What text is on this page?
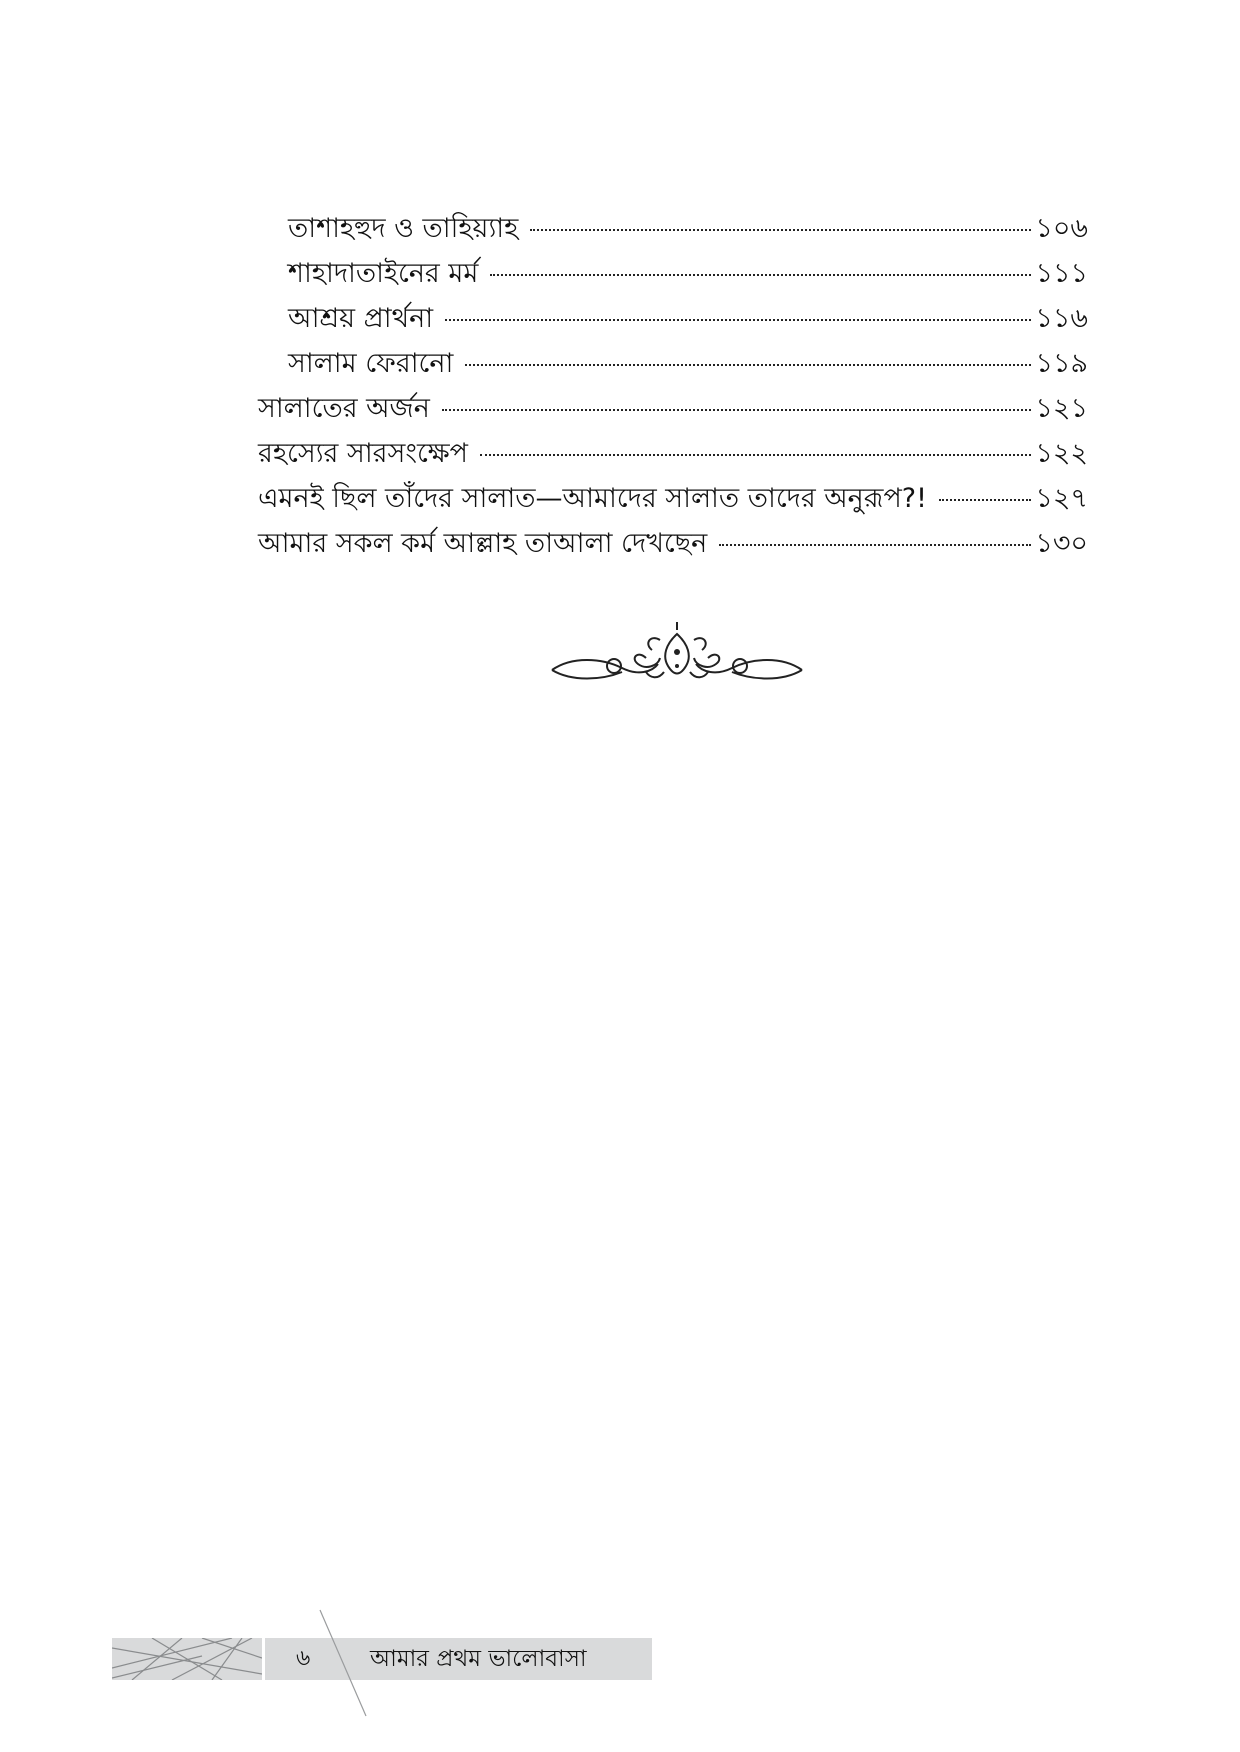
তাশাহহুদ ও তাহিয়্যাহ	১০৬
শাহাদাতাইনের মর্ম	১১১
আশ্রয় প্রার্থনা	১১৬
সালাম ফেরানো	১১৯
সালাতের অর্জন	১২১
রহস্যের সারসংক্ষেপ	১২২
এমনই ছিল তাঁদের সালাত—আমাদের সালাত তাদের অনুরূপ?!	১২৭
আমার সকল কর্ম আল্লাহ তাআলা দেখছেন	১৩০
৬	আমার প্রথম ভালোবাসা
